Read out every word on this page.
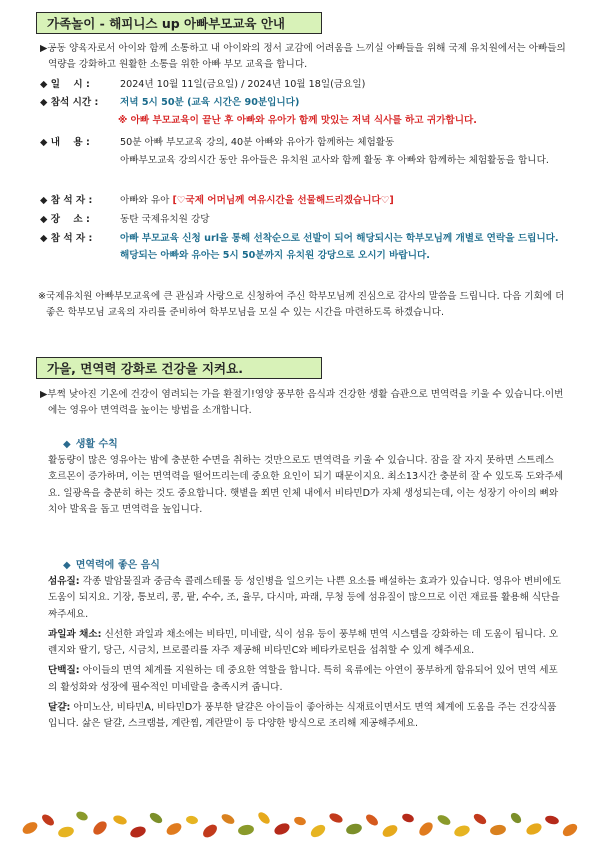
가족놀이 - 해피니스 up 아빠부모교육 안내
▶공동 양육자로서 아이와 함께 소통하고 내 아이와의 정서 교감에 어려움을 느끼실 아빠들을 위해 국제 유치원에서는 아빠들의 역량을 강화하고 원활한 소통을 위한 아빠 부모 교육을 합니다.
◆ 일    시 :	2024년 10월 11일(금요일) / 2024년 10월 18일(금요일)
◆ 참석 시간 :	저녁 5시 50분 (교육 시간은 90분입니다)
※ 아빠 부모교육이 끝난 후 아빠와 유아가 함께 맛있는 저녁 식사를 하고 귀가합니다.
◆ 내    용 :	50분 아빠 부모교육 강의, 40분 아빠와 유아가 함께하는 체험활동
아빠부모교육 강의시간 동안 유아들은 유치원 교사와 함께 활동 후 아빠와 함께하는 체험활동을 합니다.
◆ 참 석 자 :	아빠와 유아 [♡국제 어머님께 여유시간을 선물해드리겠습니다♡]
◆ 장    소 :	동탄 국제유치원 강당
◆ 참 석 자 :	아빠 부모교육 신청 url을 통해 선착순으로 선발이 되어 해당되시는 학부모님께 개별로 연락을 드립니다. 해당되는 아빠와 유아는 5시 50분까지 유치원 강당으로 오시기 바랍니다.
※국제유치원 아빠부모교육에 큰 관심과 사랑으로 신청하여 주신 학부모님께 진심으로 감사의 말씀을 드립니다. 다음 기회에 더 좋은 학부모님 교육의 자리를 준비하여 학부모님을 모실 수 있는 시간을 마련하도록 하겠습니다.
가을, 면역력 강화로 건강을 지켜요.
▶부쩍 낮아진 기온에 건강이 염려되는 가을 환절기!영양 풍부한 음식과 건강한 생활 습관으로 면역력을 키울 수 있습니다.이번에는 영유아 면역력을 높이는 방법을 소개합니다.
◆ 생활 수칙
활동량이 많은 영유아는 밤에 충분한 수면을 취하는 것만으로도 면역력을 키울 수 있습니다. 잠을 잘 자지 못하면 스트레스 호르몬이 증가하며, 이는 면역력을 떨어뜨리는데 중요한 요인이 되기 때문이지요. 최소13시간 충분히 잘 수 있도록 도와주세요. 일광욕을 충분히 하는 것도 중요합니다. 햇볕을 쬐면 인체 내에서 비타민D가 자체 생성되는데, 이는 성장기 아이의 뼈와 치아 발육을 돕고 면역력을 높입니다.
◆ 면역력에 좋은 음식

섬유질: 각종 발암물질과 중금속 콜레스테롤 등 성인병을 일으키는 나쁜 요소를 배설하는 효과가 있습니다. 영유아 변비에도 도움이 되지요. 기장, 통보리, 콩, 팥, 수수, 조, 율무, 다시마, 파래, 무청 등에 섬유질이 많으므로 이런 재료를 활용해 식단을 짜주세요.

과일과 채소: 신선한 과일과 채소에는 비타민, 미네랄, 식이 섬유 등이 풍부해 면역 시스템을 강화하는 데 도움이 됩니다. 오렌지와 딸기, 당근, 시금치, 브로콜리를 자주 제공해 비타민C와 베타카로틴을 섭취할 수 있게 해주세요.

단백질: 아이들의 면역 체계를 지원하는 데 중요한 역할을 합니다. 특히 육류에는 아연이 풍부하게 함유되어 있어 면역 세포의 활성화와 성장에 필수적인 미네랄을 충족시켜 줍니다.

달걀: 아미노산, 비타민A, 비타민D가 풍부한 달걀은 아이들이 좋아하는 식재료이면서도 면역 체계에 도움을 주는 건강식품입니다. 삶은 달걀, 스크램블, 계란찜, 계란말이 등 다양한 방식으로 조리해 제공해주세요.
